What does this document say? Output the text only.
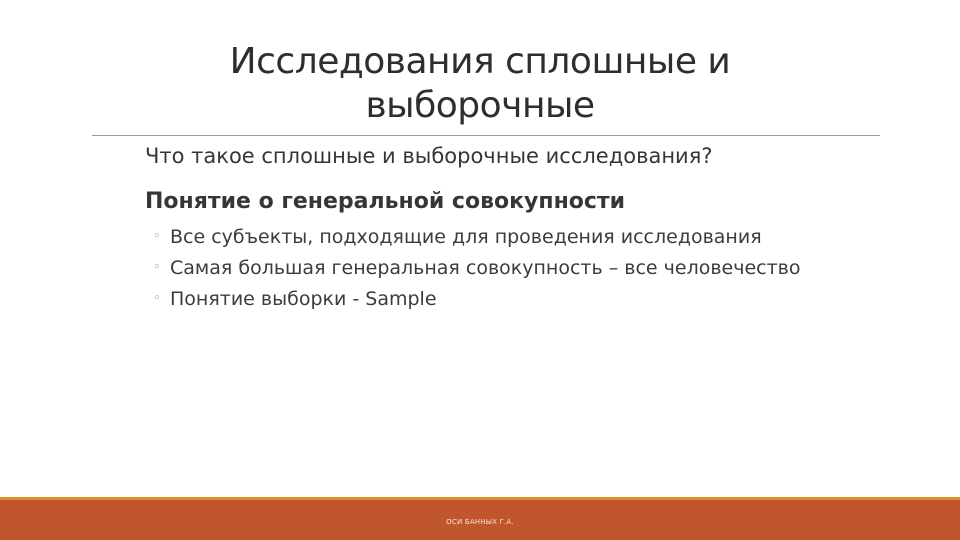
Исследования сплошные и
выборочные

Что такое сплошные и выборочные исследования?

Понятие о генеральной совокупности

◦ Все субъекты, подходящие для проведения исследования
◦ Самая большая генеральная совокупность – все человечество
◦ Понятие выборки - Sample
ОСИ БАННЫХ Г.А.
